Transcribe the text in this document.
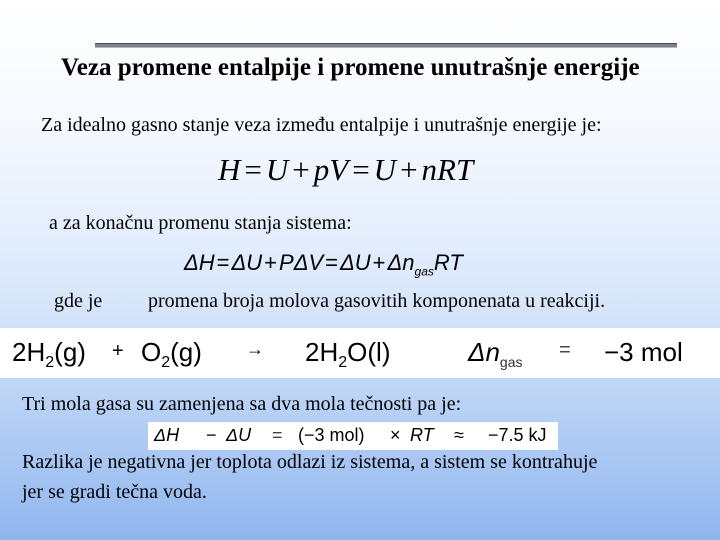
Veza promene entalpije i promene unutrašnje energije
Za idealno gasno stanje veza između entalpije i unutrašnje energije je:
H = U + pV = U + nRT
a za konačnu promenu stanja sistema:
$\Delta H=\Delta U+P\Delta V=\Delta U+\Delta n_{gas}RT$
gde je promena broja molova gasovitih komponenata u reakciji.
$2H_2(g) + O_2(g) \to 2H_2O(l)$	$\Delta n_{gas}$
= −3 mol
Tri mola gasa su zamenjena sa dva mola tečnosti pa je:
ΔH − ΔU = (−3 mol) × RT ≈ −7.5 kJ
Razlika je negativna jer toplota odlazi iz sistema, a sistem se kontrahuje
jer se gradi tečna voda.
